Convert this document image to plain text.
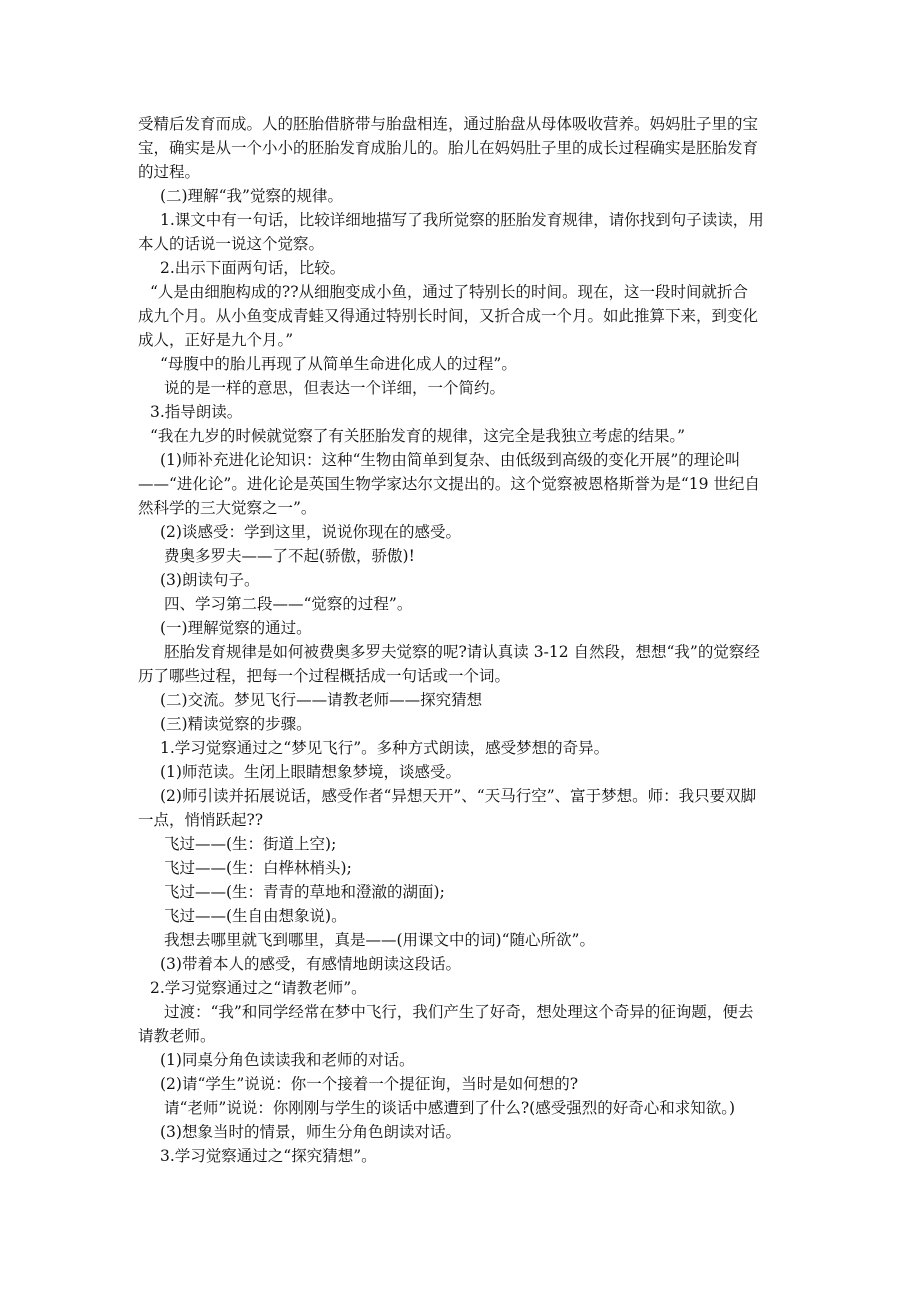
受精后发育而成。人的胚胎借脐带与胎盘相连，通过胎盘从母体吸收营养。妈妈肚子里的宝
宝，确实是从一个小小的胚胎发育成胎儿的。胎儿在妈妈肚子里的成长过程确实是胚胎发育
的过程。
(二)理解“我”觉察的规律。
1.课文中有一句话，比较详细地描写了我所觉察的胚胎发育规律，请你找到句子读读，用
本人的话说一说这个觉察。
2.出示下面两句话，比较。
“人是由细胞构成的??从细胞变成小鱼，通过了特别长的时间。现在，这一段时间就折合
成九个月。从小鱼变成青蛙又得通过特别长时间，又折合成一个月。如此推算下来，到变化
成人，正好是九个月。”
“母腹中的胎儿再现了从简单生命进化成人的过程”。
说的是一样的意思，但表达一个详细，一个简约。
3.指导朗读。
“我在九岁的时候就觉察了有关胚胎发育的规律，这完全是我独立考虑的结果。”
(1)师补充进化论知识：这种“生物由简单到复杂、由低级到高级的变化开展”的理论叫
——“进化论”。进化论是英国生物学家达尔文提出的。这个觉察被恩格斯誉为是“19 世纪自
然科学的三大觉察之一”。
(2)谈感受：学到这里，说说你现在的感受。
费奥多罗夫——了不起(骄傲，骄傲)!
(3)朗读句子。
四、学习第二段——“觉察的过程”。
(一)理解觉察的通过。
胚胎发育规律是如何被费奥多罗夫觉察的呢?请认真读 3-12 自然段，想想“我”的觉察经
历了哪些过程，把每一个过程概括成一句话或一个词。
(二)交流。梦见飞行——请教老师——探究猜想
(三)精读觉察的步骤。
1.学习觉察通过之“梦见飞行”。多种方式朗读，感受梦想的奇异。
(1)师范读。生闭上眼睛想象梦境，谈感受。
(2)师引读并拓展说话，感受作者“异想天开”、“天马行空”、富于梦想。师：我只要双脚
一点，悄悄跃起??
飞过——(生：街道上空);
飞过——(生：白桦林梢头);
飞过——(生：青青的草地和澄澈的湖面);
飞过——(生自由想象说)。
我想去哪里就飞到哪里，真是——(用课文中的词)“随心所欲”。
(3)带着本人的感受，有感情地朗读这段话。
2.学习觉察通过之“请教老师”。
过渡：“我”和同学经常在梦中飞行，我们产生了好奇，想处理这个奇异的征询题，便去
请教老师。
(1)同桌分角色读读我和老师的对话。
(2)请“学生”说说：你一个接着一个提征询，当时是如何想的?
请“老师”说说：你刚刚与学生的谈话中感遭到了什么?(感受强烈的好奇心和求知欲。)
(3)想象当时的情景，师生分角色朗读对话。
3.学习觉察通过之“探究猜想”。
